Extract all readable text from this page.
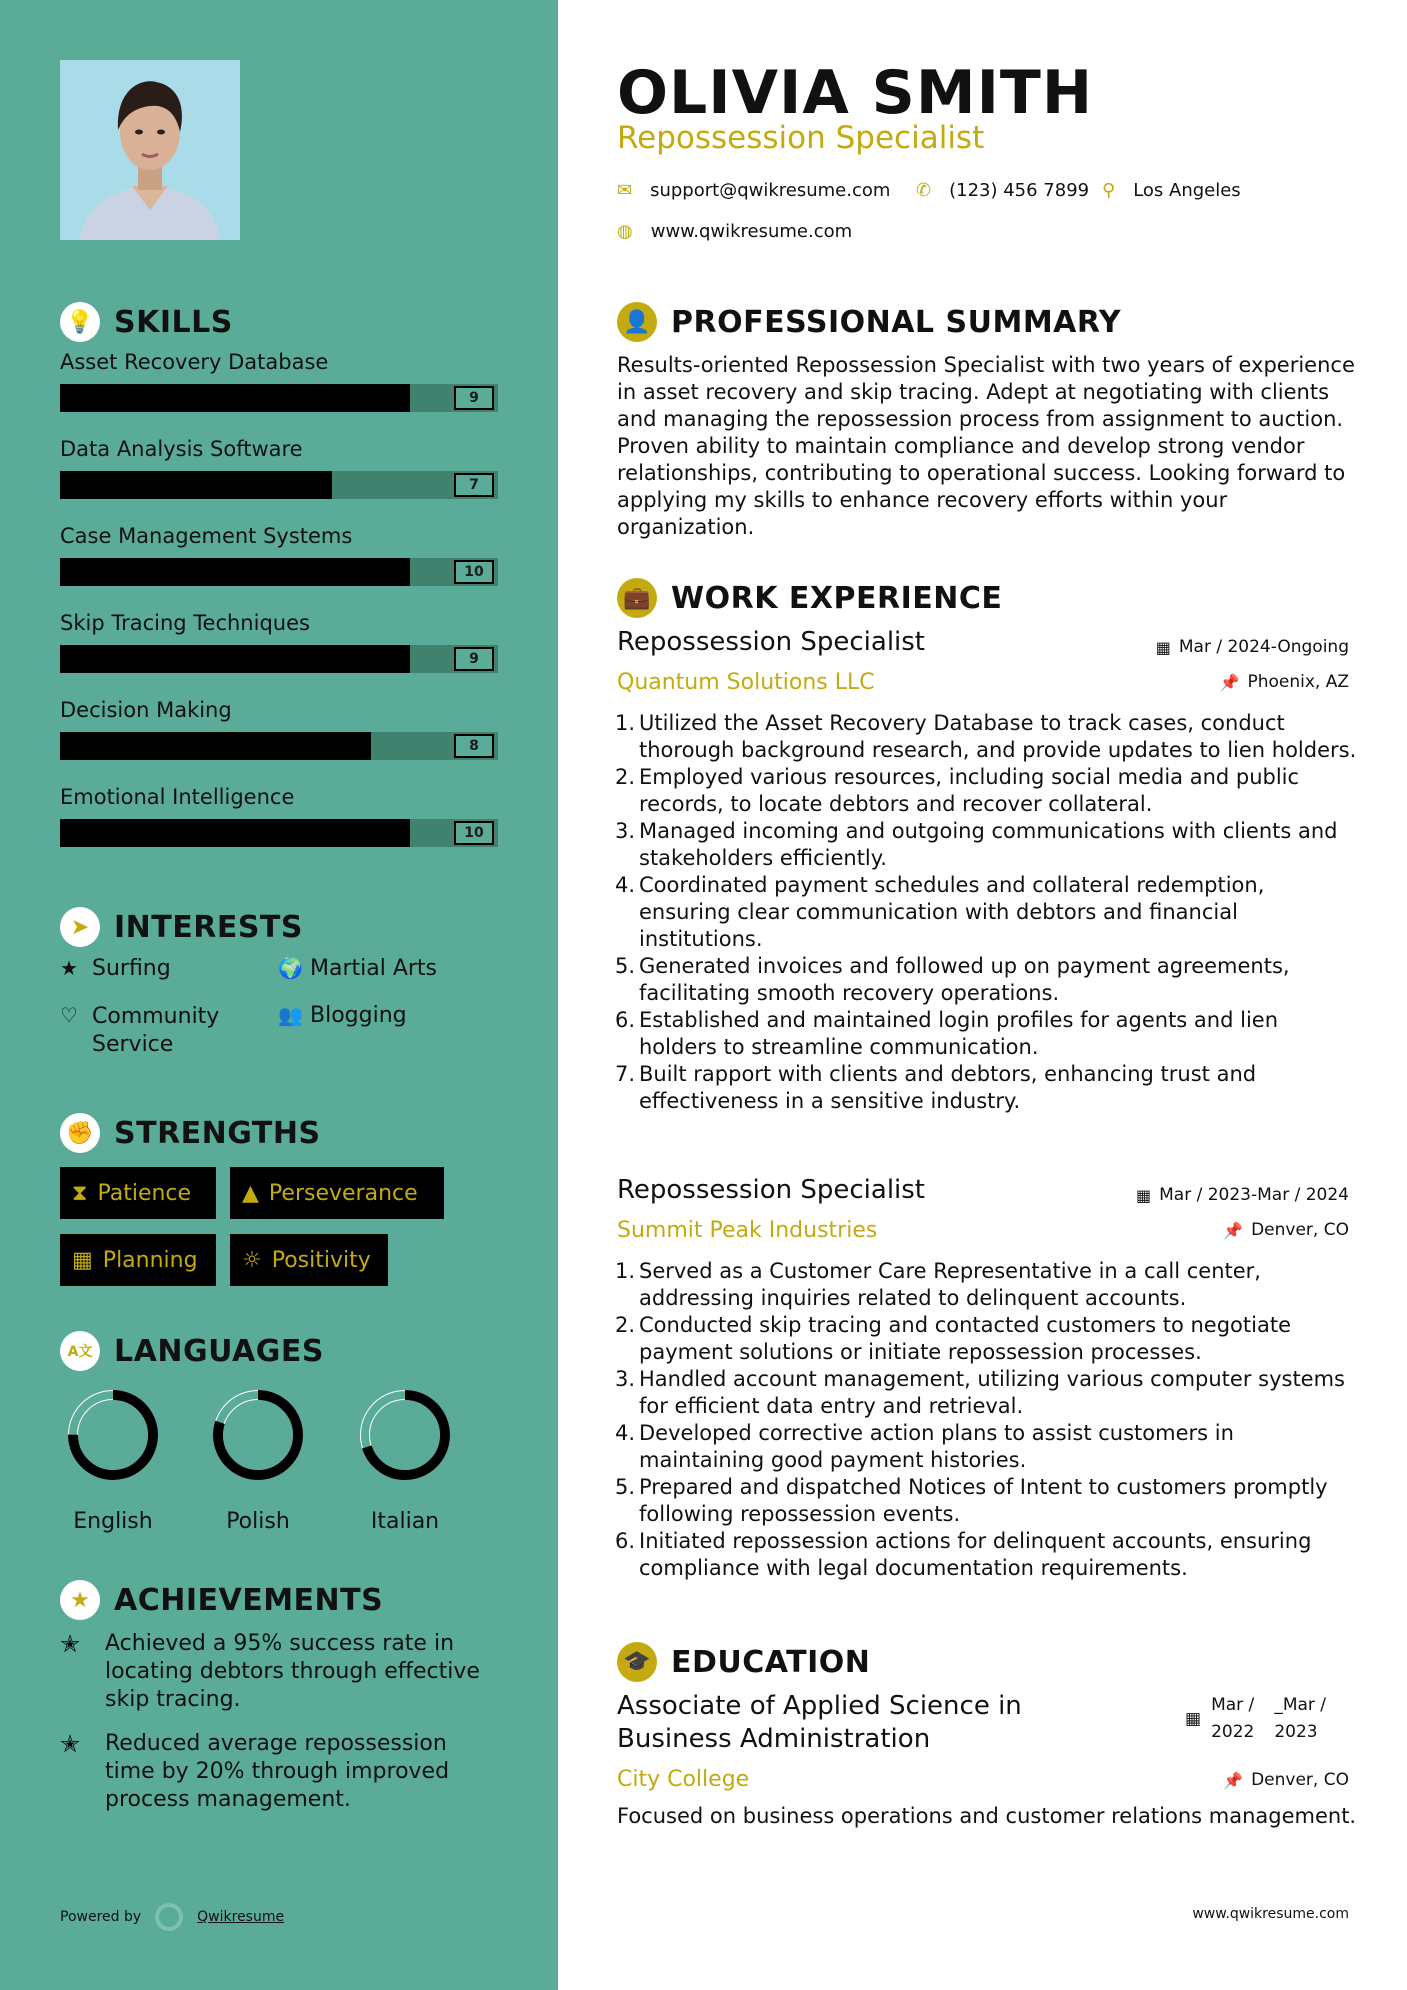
💡 SKILLS
Asset Recovery Database
9
Data Analysis Software
7
Case Management Systems
10
Skip Tracing Techniques
9
Decision Making
8
Emotional Intelligence
10
➤ INTERESTS
★ Surfing	🌍 Martial Arts
♡ Community Service
👥 Blogging
✊ STRENGTHS
⧗ Patience ▲ Perseverance
▦ Planning ☼ Positivity
A文 LANGUAGES
English	Polish	Italian
★ ACHIEVEMENTS
✭	Achieved a 95% success rate in locating debtors through effective skip tracing.
✭	Reduced average repossession time by 20% through improved process management.
Powered by	Qwikresume
OLIVIA SMITH
Repossession Specialist
✉ support@qwikresume.com ✆ (123) 456 7899 ⚲ Los Angeles
◍ www.qwikresume.com
👤 PROFESSIONAL SUMMARY
Results-oriented Repossession Specialist with two years of experience in asset recovery and skip tracing. Adept at negotiating with clients and managing the repossession process from assignment to auction. Proven ability to maintain compliance and develop strong vendor relationships, contributing to operational success. Looking forward to applying my skills to enhance recovery efforts within your organization.
💼 WORK EXPERIENCE
Repossession Specialist
Quantum Solutions LLC
▦ Mar / 2024-Ongoing
📌 Phoenix, AZ
1. Utilized the Asset Recovery Database to track cases, conduct thorough background research, and provide updates to lien holders.
2. Employed various resources, including social media and public records, to locate debtors and recover collateral.
3. Managed incoming and outgoing communications with clients and stakeholders efficiently.
4. Coordinated payment schedules and collateral redemption, ensuring clear communication with debtors and financial institutions.
5. Generated invoices and followed up on payment agreements, facilitating smooth recovery operations.
6. Established and maintained login profiles for agents and lien holders to streamline communication.
7. Built rapport with clients and debtors, enhancing trust and effectiveness in a sensitive industry.
Repossession Specialist
Summit Peak Industries
▦ Mar / 2023-Mar / 2024
📌 Denver, CO
1. Served as a Customer Care Representative in a call center, addressing inquiries related to delinquent accounts.
2. Conducted skip tracing and contacted customers to negotiate payment solutions or initiate repossession processes.
3. Handled account management, utilizing various computer systems for efficient data entry and retrieval.
4. Developed corrective action plans to assist customers in maintaining good payment histories.
5. Prepared and dispatched Notices of Intent to customers promptly following repossession events.
6. Initiated repossession actions for delinquent accounts, ensuring compliance with legal documentation requirements.
🎓 EDUCATION
Associate of Applied Science in Business Administration
▦
Mar /
2022
_Mar /
2023
City College	📌 Denver, CO
Focused on business operations and customer relations management.
www.qwikresume.com
